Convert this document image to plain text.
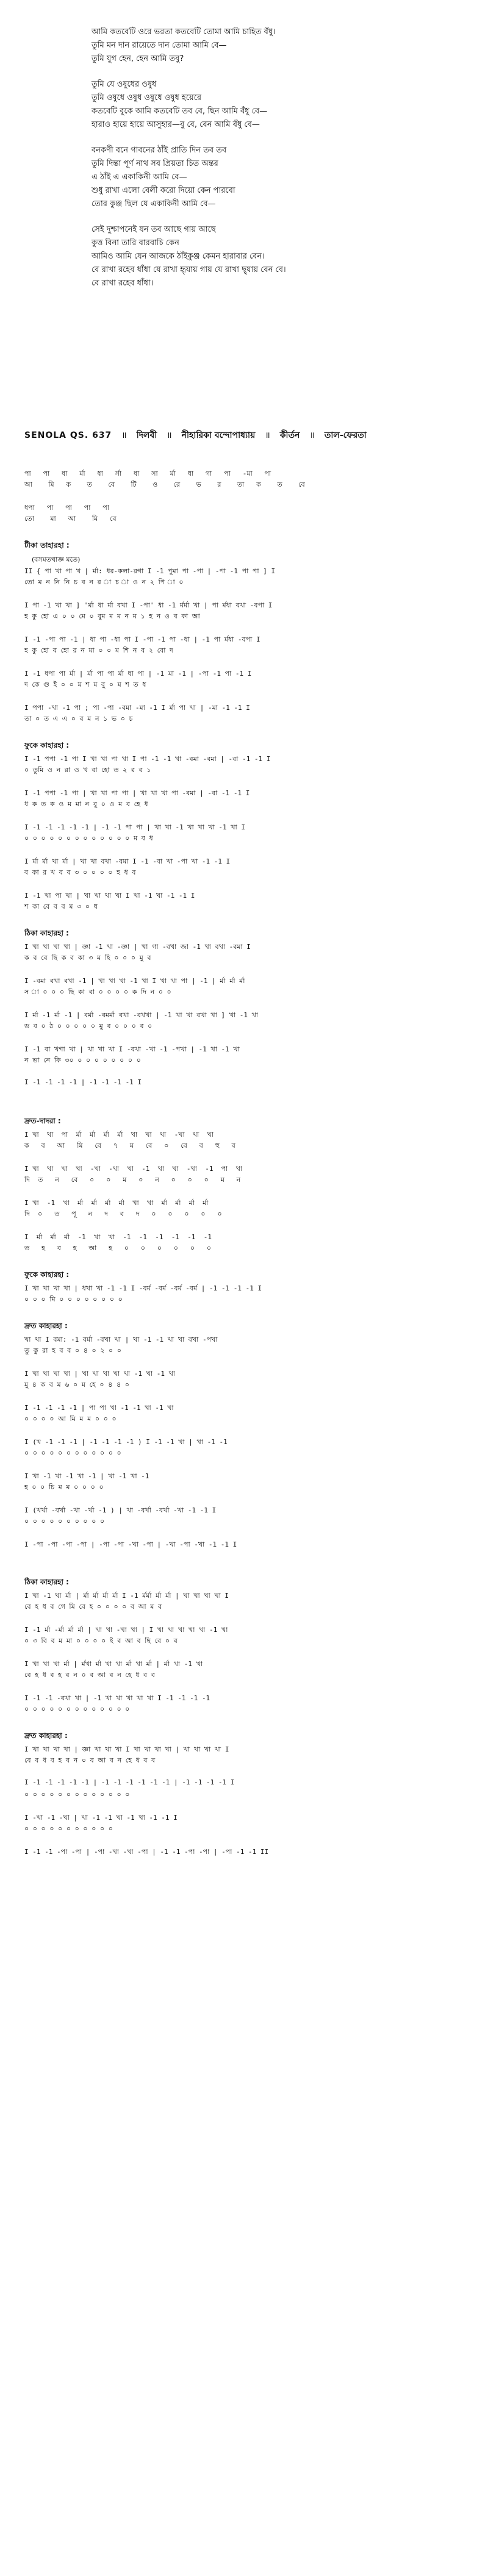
আমি কতবেটি ওরে ভরতা কতবেটি তোমা আমি চাহিত বঁধু।
তুমি মন দান রায়েতে দান তোমা আমি বে—
তুমি যুগ হেন, হেন আমি তবু?
তুমি যে ওষুধের ওষুধ
তুমি ওষুধে ওষুধ ওষুধে ওষুধ হয়েরে
কতবেটি বুকে আমি কতবেটি তব বে, ছিন আমি বঁধু বে—
হারাও হায়ে হায়ে আসুহার—বু বে, বেন আমি বঁধু বে—
বনকণী বনে গাবনের ঠাঁই প্রাতি দিন তব তব
তুমি দিন্তা পূর্ণ নাথ সব প্রিয়তা চিত অন্তর
এ ঠাঁই এ একাকিনী আমি বে—
শুধু রাখা এলো বেলী করো দিয়ো কেন পারবো
তোর কুঞ্জ ছিল যে একাকিনী আমি বে—
সেই দুশ্চাপনেই যন তব আছে গায় আছে
কুত্ত বিনা তারি বারবাচি কেন
আমিও আমি যেন আজকে ঠাঁইকুঞ্জ কেমন হারাবার বেন।
বে রাখা রহেব ধাঁধা যে রাখা হৃ্যায় গায় যে রাখা ছৃ্যায় বেন বে।
বে রাখা রহেব ধাঁধা।
SENOLA QS. 637 ॥ দিলবী ॥ নীহারিকা বন্দোপাধ্যায় ॥ কীর্তন ॥ তাল-ফেরতা
পা   পা   ধা   র্মা   ধা   র্সা   ধা   সা   র্মা   ধা   গা   পা   -মা   পা
আ    মি   ক    ত    বে    টি    ও    রে    ভ    র    তা   ক    ত    বে
ধপা   পা   পা   পা   পা
তো    মা   আ    মি   বে
টীকা তাহারহা :
(বসমতথাজ্ঞ মতে)
II { পা খা পা খ | র্মা: ধর-কলা-রগা I -1 পুমা পা -পা | -পা -1 পা পা ] I
তো ম ন নি নি চ ব ন র া চ া ও ন ২ পি া ০
I পা -1 খা খা ] 'র্মা ধা র্মা বখা I -পা' ধা -1 র্মর্মা খা | পা র্মধা বখা -বপা I
হ কু হো এ ০ ০ মে ০ বুম ম ম ন ম ১ হ ন ও ব কা আ
I -1 -পা পা -1 | ধা পা -ধা পা I -পা -1 পা -ধা | -1 পা র্মধা -বপা I
হ কু হো ব হো র ন মা ০ ০ ম শি ন ব ২ বো দ
I -1 ধপা পা র্মা | র্মা পা পা র্মা ধা পা | -1 মা -1 | -পা -1 পা -1 I
দ কে গু ই ০ ০ ম শ ম বু ০ ম শ ত ধ
I পপা -খা -1 পা ; পা -পা -বমা -মা -1 I র্মা পা খা | -মা -1 -1 I
তা ০ ত এ এ ০ ব ম ন ১ ভ ০ চ
ফুকে কাহারহা :
I -1 পপা -1 পা I খা খা পা খা I পা -1 -1 খা -বমা -বমা | -বা -1 -1 I
০ তুমি ও ন রা ও খ বা হো ত ২ র ব ১
I -1 পপা -1 পা | খা খা পা পা | খা খা খা পা -বমা | -বা -1 -1 I
ধ ক ত ক ও ম মা ন বু ০ ও ম ব হে ধ
I -1 -1 -1 -1 -1 | -1 -1 পা পা | খা খা -1 খা খা খা -1 খা I
০ ০ ০ ০ ০ ০ ০ ০ ০ ০ ০ ০ ০ ম ব ধ
I র্মা র্মা খা র্মা | খা খা বখা -বমা I -1 -বা খা -পা খা -1 -1 I
ব কা র খ ব ব ৩ ০ ০ ০ ০ হ ধ ব
I -1 খা পা খা | খা খা খা খা I খা -1 খা -1 -1 I
শ কা বে ব ব ম ৩ ০ ধ
ঠিকা কাহারহা :
I খা খা খা খা | জ্ঞা -1 খা -জ্ঞা | খা গা -বখা জা -1 খা বখা -বমা I
ক ব বে ছি ক ব কা ৩ ম হি ০ ০ ০ মু ব
I -বমা বখা বখা -1 | খা খা খা -1 খা I খা খা পা | -1 | র্মা র্মা র্মা
স া ০ ০ ০ ছি কা বা ০ ০ ০ ০ ক দি ন ০ ০
I র্মা -1 র্মা -1 | বর্মা -বমর্মা বখা -বখখা | -1 খা খা বখা খা ] খা -1 খা
ড ব ০ ঠ ০ ০ ০ ০ ০ মু ব ০ ০ ০ ব ০
I -1 বা খগা খা | খা খা খা I -বখা -খা -1 -পখা | -1 খা -1 খা
ন ভা নে কি ৩০ ০ ০ ০ ০ ০ ০ ০ ০
I -1 -1 -1 -1 | -1 -1 -1 -1 I
দ্রুত-দাদরা :
I খা  খা  পা  র্মা  র্মা  র্মা  র্মা  খা  খা  খা  -খা  খা  খা
ক   ব   আ   মি   বে   ৭   ম   বে   ০   বে   ব   হু   ব
I খা  খা  খা  খা  -খা  -খা  খা  -1  খা  খা  -খা  -1  পা  খা
দি  ত   ন   বে   ০   ০   ম   ০   ন   ০   ০   ০   ম   ন
I খা  -1  খা  র্মা  র্মা  র্মা  র্মা  খা  খা  র্মা  র্মা  র্মা  র্মা
দি  ০   ত   পূ   ন   দ   ব   দ   ০   ০   ০   ০   ০
I  র্মা  র্মা  র্মা  -1  খা  খা  -1  -1  -1  -1  -1  -1
ত   হ   ব   হ   আ   হ   ০   ০   ০   ০   ০   ০
ফুকে কাহারহা :
I খা খা খা খা | ধখা খা -1 -1 I -বর্ম -বর্ম -বর্ম -বর্ম | -1 -1 -1 -1 I
০ ০ ০ মি ০ ০ ০ ০ ০ ০ ০ ০
দ্রুত কাহারহা :
খা খা I বমা: -1 বর্মা -বখা খা | খা -1 -1 খা খা বখা -পখা
তু কু রা হ ব ব ০ ৪ ০ ২ ০ ০
I খা খা খা খা | খা খা খা খা খা -1 খা -1 খা
মু ৪ ক ব ম ৬ ০ ম হে ০ ৪ ৪ ০
I -1 -1 -1 -1 | পা পা খা -1 -1 খা -1 খা
০ ০ ০ ০ আ মি ম ম ০ ০ ০
I (খ -1 -1 -1 | -1 -1 -1 -1 ) I -1 -1 খা | খা -1 -1
০ ০ ০ ০ ০ ০ ০ ০ ০ ০ ০ ০
I খা -1 খা -1 খা -1 | খা -1 খা -1
হ ০ ০ চি ম ম ০ ০ ০ ০
I (খর্খা -বর্খা -খা -র্খা -1 ) | খা -বর্খা -বর্খা -খা -1 -1 I
০ ০ ০ ০ ০ ০ ০ ০ ০ ০
I -পা -পা -পা -পা | -পা -পা -খা -পা | -খা -পা -খা -1 -1 I
ঠিকা কাহারহা :
I খা -1 খা র্মা | র্মা র্মা র্মা র্মা I -1 র্মর্মা র্মা র্মা | খা খা খা খা I
বে হ ধ ব গে মি বে হ ০ ০ ০ ০ ব আ ম ব
I -1 র্মা -র্মা র্মা র্মা | খা খা -খা খা | I খা খা খা খা খা -1 খা
০ ৩ বি ব ম মা ০ ০ ০ ০ ই ব আ ব ছি বে ০ ব
I খা খা খা র্মা | র্মখা র্মা খা খা র্মা খা র্মা | র্মা খা -1 খা
বে হ ধ ব হ ব ন ০ ব আ ব ন হে ধ ব ব
I -1 -1 -বখা খা | -1 খা খা খা খা খা I -1 -1 -1 -1
০ ০ ০ ০ ০ ০ ০ ০ ০ ০ ০ ০ ০
দ্রুত কাহারহা :
I খা খা খা খা | জ্ঞা খা খা খা I খা খা খা খা | খা খা খা খা I
বে ব ধ ব হ ব ন ০ ব আ ব ন হে ধ ব ব
I -1 -1 -1 -1 -1 | -1 -1 -1 -1 -1 -1 | -1 -1 -1 -1 I
০ ০ ০ ০ ০ ০ ০ ০ ০ ০ ০ ০ ০
I -খা -1 -খা | খা -1 -1 খা -1 খা -1 -1 I
০ ০ ০ ০ ০ ০ ০ ০ ০ ০ ০
I -1 -1 -পা -পা | -পা -খা -খা -পা | -1 -1 -পা -পা | -পা -1 -1 II
